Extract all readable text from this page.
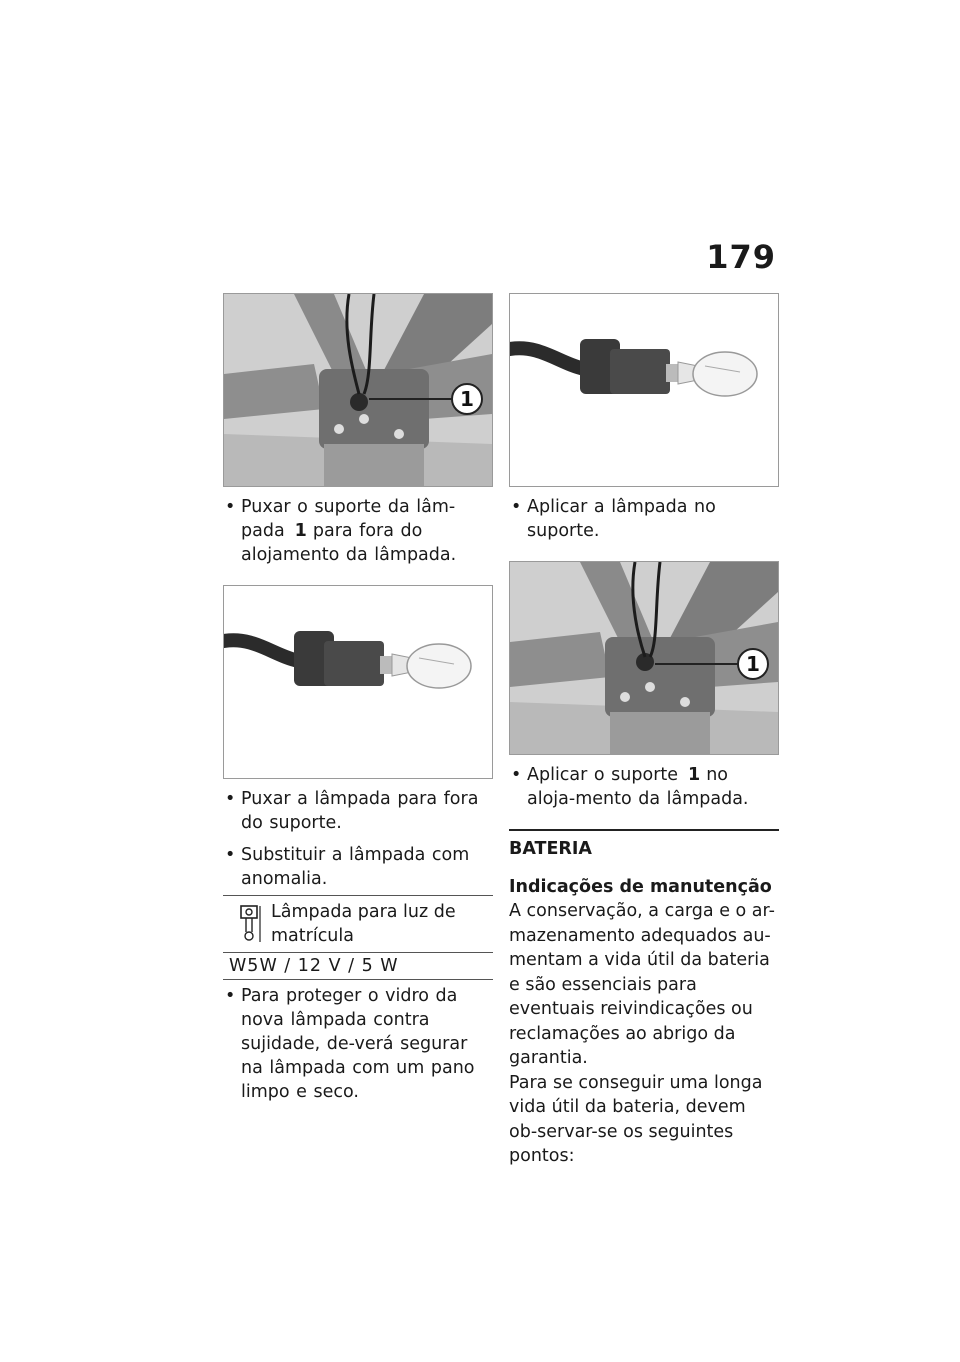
179
1
• Puxar o suporte da lâm-pada 1 para fora do alojamento da lâmpada.
• Puxar a lâmpada para fora do suporte.
• Substituir a lâmpada com anomalia.
Lâmpada para luz de matrícula
W5W / 12 V / 5 W
• Para proteger o vidro da nova lâmpada contra sujidade, de-verá segurar na lâmpada com um pano limpo e seco.
• Aplicar a lâmpada no suporte.
1
• Aplicar o suporte 1 no aloja-mento da lâmpada.
BATERIA
Indicações de manutenção

A conservação, a carga e o ar-mazenamento adequados au-mentam a vida útil da bateria e são essenciais para eventuais reivindicações ou reclamações ao abrigo da garantia.

Para se conseguir uma longa vida útil da bateria, devem ob-servar-se os seguintes pontos:
